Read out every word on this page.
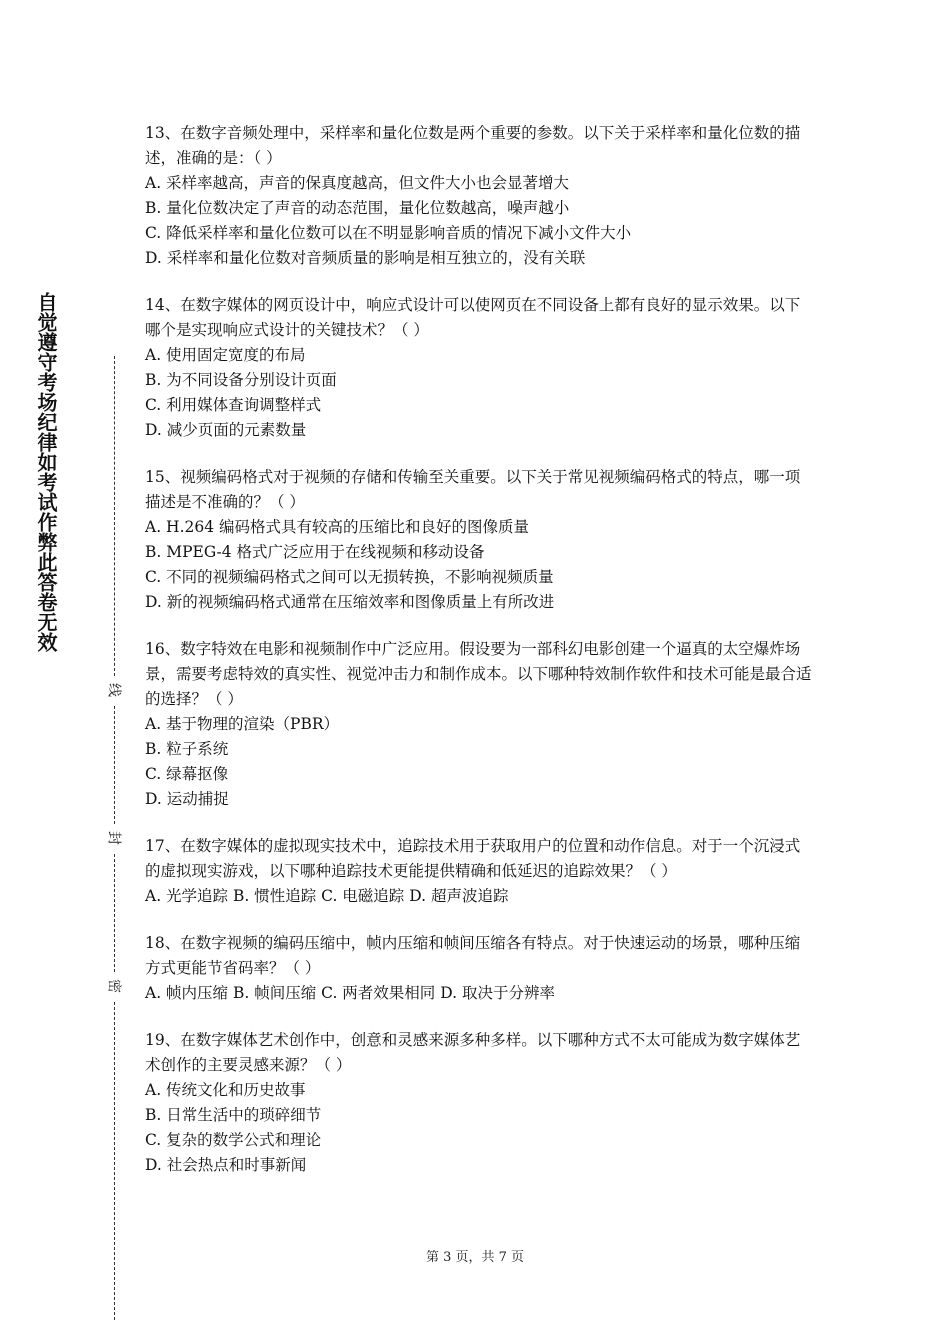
自觉遵守考场纪律如考试作弊此答卷无效
线
封
密

13、在数字音频处理中，采样率和量化位数是两个重要的参数。以下关于采样率和量化位数的描述，准确的是：（ ）

A. 采样率越高，声音的保真度越高，但文件大小也会显著增大

B. 量化位数决定了声音的动态范围，量化位数越高，噪声越小

C. 降低采样率和量化位数可以在不明显影响音质的情况下减小文件大小

D. 采样率和量化位数对音频质量的影响是相互独立的，没有关联

14、在数字媒体的网页设计中，响应式设计可以使网页在不同设备上都有良好的显示效果。以下哪个是实现响应式设计的关键技术？（ ）

A. 使用固定宽度的布局

B. 为不同设备分别设计页面

C. 利用媒体查询调整样式

D. 减少页面的元素数量

15、视频编码格式对于视频的存储和传输至关重要。以下关于常见视频编码格式的特点，哪一项描述是不准确的？（ ）

A. H.264 编码格式具有较高的压缩比和良好的图像质量

B. MPEG-4 格式广泛应用于在线视频和移动设备

C. 不同的视频编码格式之间可以无损转换，不影响视频质量

D. 新的视频编码格式通常在压缩效率和图像质量上有所改进

16、数字特效在电影和视频制作中广泛应用。假设要为一部科幻电影创建一个逼真的太空爆炸场景，需要考虑特效的真实性、视觉冲击力和制作成本。以下哪种特效制作软件和技术可能是最合适的选择？（ ）

A. 基于物理的渲染（PBR）

B. 粒子系统

C. 绿幕抠像

D. 运动捕捉

17、在数字媒体的虚拟现实技术中，追踪技术用于获取用户的位置和动作信息。对于一个沉浸式的虚拟现实游戏，以下哪种追踪技术更能提供精确和低延迟的追踪效果？（ ）

A. 光学追踪 B. 惯性追踪 C. 电磁追踪 D. 超声波追踪

18、在数字视频的编码压缩中，帧内压缩和帧间压缩各有特点。对于快速运动的场景，哪种压缩方式更能节省码率？（ ）

A. 帧内压缩 B. 帧间压缩 C. 两者效果相同 D. 取决于分辨率

19、在数字媒体艺术创作中，创意和灵感来源多种多样。以下哪种方式不太可能成为数字媒体艺术创作的主要灵感来源？（ ）

A. 传统文化和历史故事

B. 日常生活中的琐碎细节

C. 复杂的数学公式和理论

D. 社会热点和时事新闻

第 3 页，共 7 页
